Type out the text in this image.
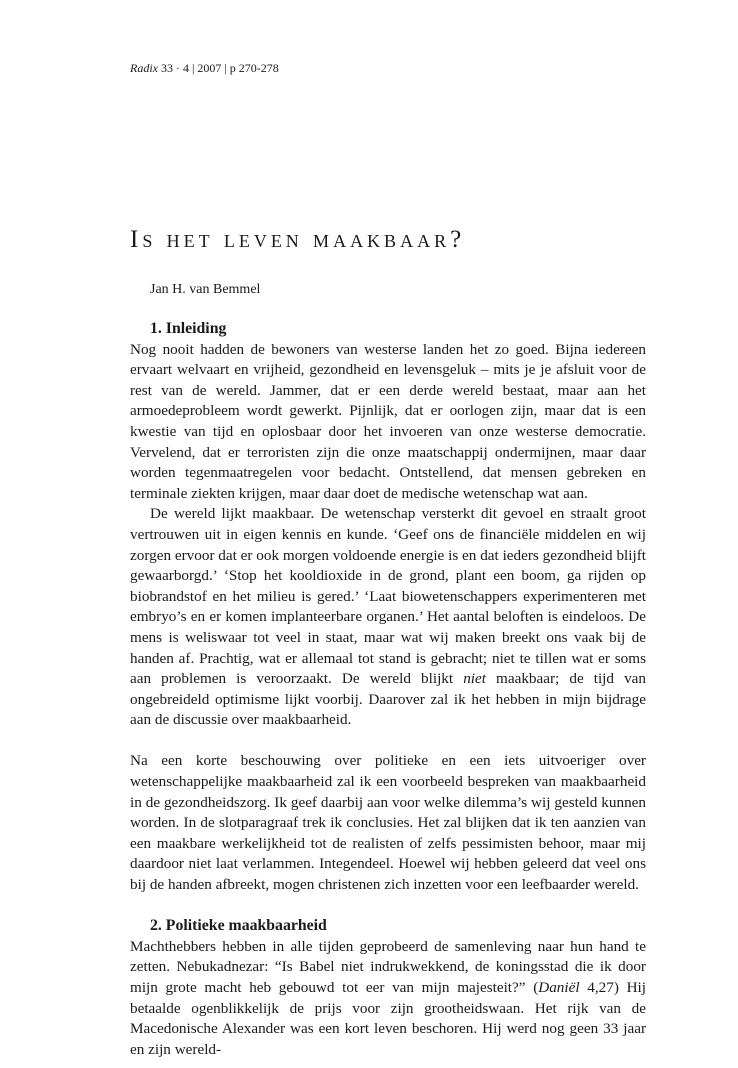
Radix 33 · 4 | 2007 | p 270-278
Is het leven maakbaar?
Jan H. van Bemmel
1. Inleiding

Nog nooit hadden de bewoners van westerse landen het zo goed. Bijna iedereen ervaart welvaart en vrijheid, gezondheid en levensgeluk – mits je je afsluit voor de rest van de wereld. Jammer, dat er een derde wereld bestaat, maar aan het armoedeprobleem wordt gewerkt. Pijnlijk, dat er oorlogen zijn, maar dat is een kwestie van tijd en oplosbaar door het invoeren van onze westerse democratie. Vervelend, dat er terroristen zijn die onze maatschappij ondermijnen, maar daar worden tegenmaatregelen voor bedacht. Ontstellend, dat mensen gebreken en terminale ziekten krijgen, maar daar doet de medische wetenschap wat aan.

De wereld lijkt maakbaar. De wetenschap versterkt dit gevoel en straalt groot vertrouwen uit in eigen kennis en kunde. ‘Geef ons de financiële middelen en wij zorgen ervoor dat er ook morgen voldoende energie is en dat ieders gezondheid blijft gewaarborgd.’ ‘Stop het kooldioxide in de grond, plant een boom, ga rijden op biobrandstof en het milieu is gered.’ ‘Laat biowetenschappers experimenteren met embryo’s en er komen implanteerbare organen.’ Het aantal beloften is eindeloos. De mens is weliswaar tot veel in staat, maar wat wij maken breekt ons vaak bij de handen af. Prachtig, wat er allemaal tot stand is gebracht; niet te tillen wat er soms aan problemen is veroorzaakt. De wereld blijkt niet maakbaar; de tijd van ongebreideld optimisme lijkt voorbij. Daarover zal ik het hebben in mijn bijdrage aan de discussie over maakbaarheid.

Na een korte beschouwing over politieke en een iets uitvoeriger over wetenschappelijke maakbaarheid zal ik een voorbeeld bespreken van maakbaarheid in de gezondheidszorg. Ik geef daarbij aan voor welke dilemma’s wij gesteld kunnen worden. In de slotparagraaf trek ik conclusies. Het zal blijken dat ik ten aanzien van een maakbare werkelijkheid tot de realisten of zelfs pessimisten behoor, maar mij daardoor niet laat verlammen. Integendeel. Hoewel wij hebben geleerd dat veel ons bij de handen afbreekt, mogen christenen zich inzetten voor een leefbaarder wereld.

2. Politieke maakbaarheid

Machthebbers hebben in alle tijden geprobeerd de samenleving naar hun hand te zetten. Nebukadnezar: “Is Babel niet indrukwekkend, de koningsstad die ik door mijn grote macht heb gebouwd tot eer van mijn majesteit?” (Daniël 4,27) Hij betaalde ogenblikkelijk de prijs voor zijn grootheidswaan. Het rijk van de Macedonische Alexander was een kort leven beschoren. Hij werd nog geen 33 jaar en zijn wereld-
